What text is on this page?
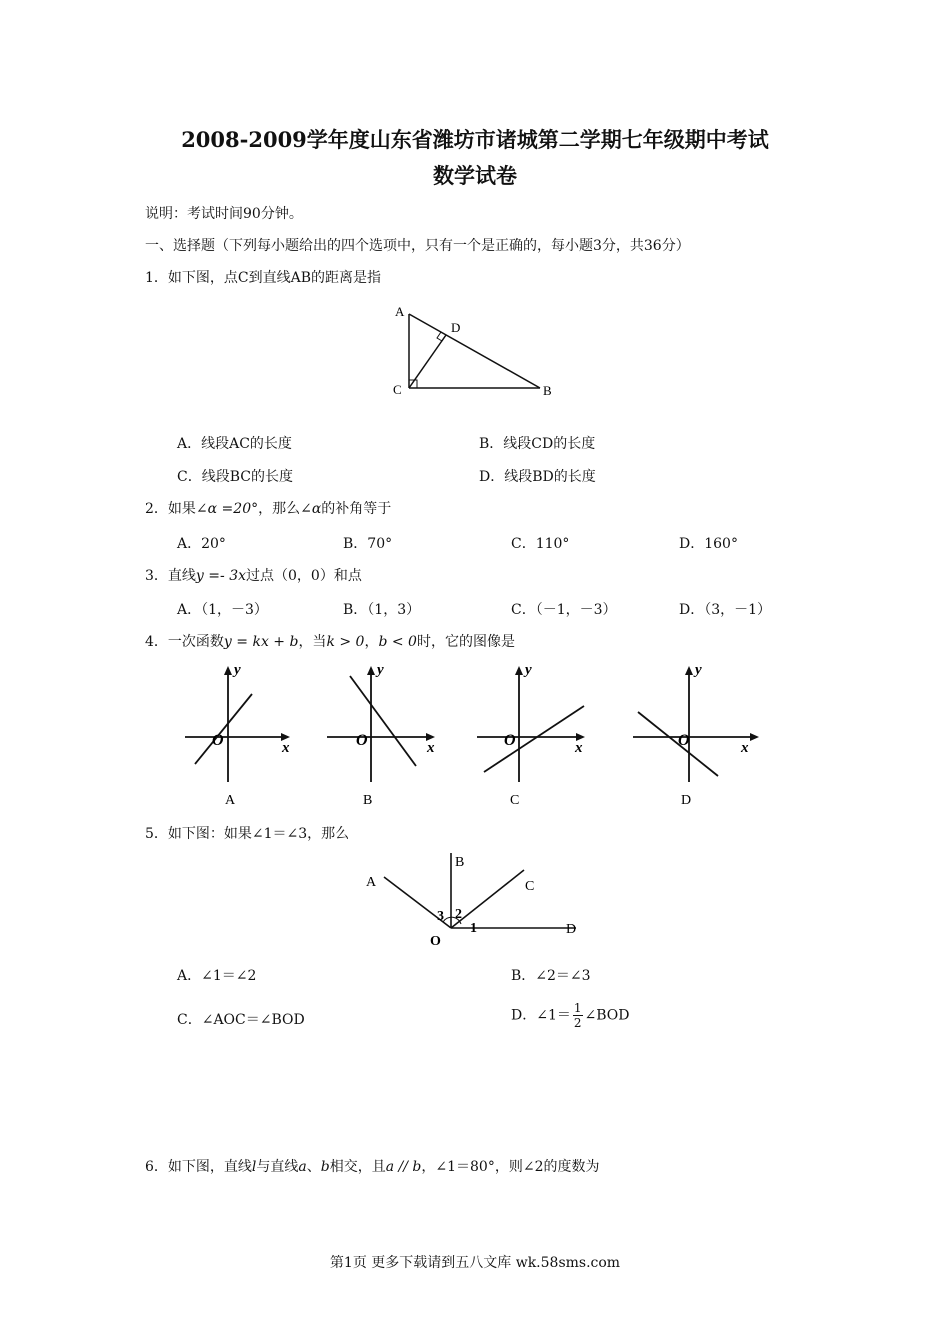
2008-2009学年度山东省潍坊市诸城第二学期七年级期中考试
数学试卷
说明：考试时间90分钟。
一、选择题（下列每小题给出的四个选项中，只有一个是正确的，每小题3分，共36分）
1．如下图，点C到直线AB的距离是指
A
D
C	B
A．线段AC的长度	B．线段CD的长度
C．线段BC的长度	D．线段BD的长度
2．如果∠α =20°，那么∠α的补角等于
A．20°	B．70°	C．110°	D．160°
3．直线y =- 3x过点（0，0）和点
A．（1，－3）	B．（1，3）	C．（－1，－3）	D．（3，－1）
4．一次函数y = kx + b，当k > 0，b < 0时，它的图像是
y
x
O
A
y
x
O
B
y
x
O
C
y
x
O
D
5．如下图：如果∠1＝∠3，那么
A
B
C
D
O
3 2
1
A．∠1＝∠2	B．∠2＝∠3
C．∠AOC＝∠BOD	D．∠1＝ $\frac{1}{2}$ ∠BOD
6．如下图，直线l与直线a、b相交，且a // b，∠1＝80°，则∠2的度数为
第1页 更多下载请到五八文库 wk.58sms.com
